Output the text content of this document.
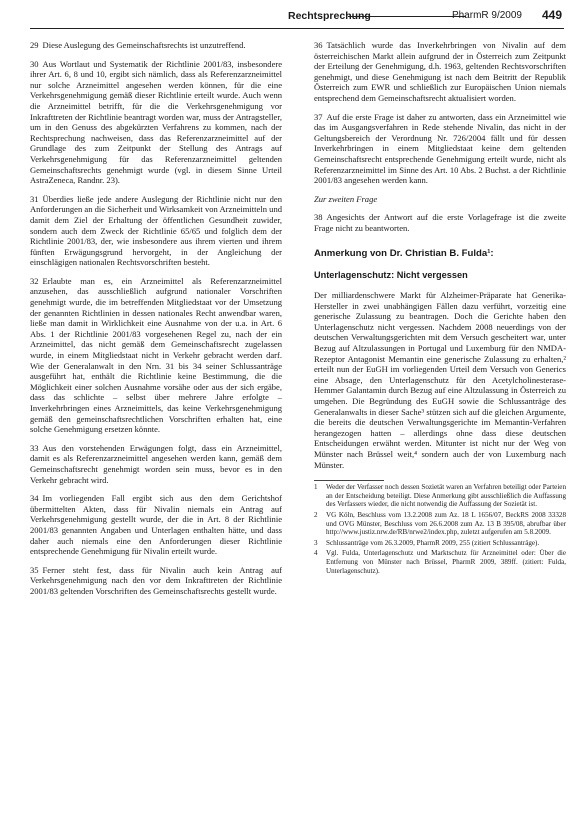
Rechtsprechung	PharmR 9/2009 449

29 Diese Auslegung des Gemeinschaftsrechts ist unzutreffend.

30 Aus Wortlaut und Systematik der Richtlinie 2001/83, insbesondere ihrer Art. 6, 8 und 10, ergibt sich nämlich, dass als Referenzarzneimittel nur solche Arzneimittel angesehen werden können, für die eine Verkehrsgenehmigung gemäß dieser Richtlinie erteilt wurde. Auch wenn die Arzneimittel betrifft, für die die Verkehrsgenehmigung vor Inkrafttreten der Richtlinie beantragt worden war, muss der Antragsteller, um in den Genuss des abgekürzten Verfahrens zu kommen, nach der Rechtsprechung nachweisen, dass das Referenzarzneimittel auf der Grundlage des zum Zeitpunkt der Stellung des Antrags auf Verkehrsgenehmigung für das Referenzarzneimittel geltenden Gemeinschaftsrechts genehmigt wurde (vgl. in diesem Sinne Urteil AstraZeneca, Randnr. 23).

31 Überdies ließe jede andere Auslegung der Richtlinie nicht nur den Anforderungen an die Sicherheit und Wirksamkeit von Arzneimitteln und damit dem Ziel der Erhaltung der öffentlichen Gesundheit zuwider, sondern auch dem Zweck der Richtlinie 65/65 und folglich dem der Richtlinie 2001/83, der, wie insbesondere aus ihrem vierten und ihrem fünften Erwägungsgrund hervorgeht, in der Angleichung der einschlägigen nationalen Rechtsvorschriften besteht.

32 Erlaubte man es, ein Arzneimittel als Referenzarzneimittel anzusehen, das ausschließlich aufgrund nationaler Vorschriften genehmigt wurde, die im betreffenden Mitgliedstaat vor der Umsetzung der genannten Richtlinien in dessen nationales Recht anwendbar waren, ließe man damit in Wirklichkeit eine Ausnahme von der u.a. in Art. 6 Abs. 1 der Richtlinie 2001/83 vorgesehenen Regel zu, nach der ein Arzneimittel, das nicht gemäß dem Gemeinschaftsrecht zugelassen wurde, in einem Mitgliedstaat nicht in Verkehr gebracht werden darf. Wie der Generalanwalt in den Nrn. 31 bis 34 seiner Schlussanträge ausgeführt hat, enthält die Richtlinie keine Bestimmung, die die Möglichkeit einer solchen Ausnahme vorsähe oder aus der sich ergäbe, dass das schlichte – selbst über mehrere Jahre erfolgte – Inverkehrbringen eines Arzneimittels, das keine Verkehrsgenehmigung gemäß den gemeinschaftsrechtlichen Vorschriften erhalten hat, eine solche Genehmigung ersetzen könnte.

33 Aus den vorstehenden Erwägungen folgt, dass ein Arzneimittel, damit es als Referenzarzneimittel angesehen werden kann, gemäß dem Gemeinschaftsrecht genehmigt worden sein muss, bevor es in den Verkehr gebracht wird.

34 Im vorliegenden Fall ergibt sich aus den dem Gerichtshof übermittelten Akten, dass für Nivalin niemals ein Antrag auf Verkehrsgenehmigung gestellt wurde, der die in Art. 8 der Richtlinie 2001/83 genannten Angaben und Unterlagen enthalten hätte, und dass daher auch niemals eine den Anforderungen dieser Richtlinie entsprechende Genehmigung für Nivalin erteilt wurde.

35 Ferner steht fest, dass für Nivalin auch kein Antrag auf Verkehrsgenehmigung nach den vor dem Inkrafttreten der Richtlinie 2001/83 geltenden Vorschriften des Gemeinschaftsrechts gestellt wurde.

36 Tatsächlich wurde das Inverkehrbringen von Nivalin auf dem österreichischen Markt allein aufgrund der in Österreich zum Zeitpunkt der Erteilung der Genehmigung, d.h. 1963, geltenden Rechtsvorschriften genehmigt, und diese Genehmigung ist nach dem Beitritt der Republik Österreich zum EWR und schließlich zur Europäischen Union niemals entsprechend dem Gemeinschaftsrecht aktualisiert worden.

37 Auf die erste Frage ist daher zu antworten, dass ein Arzneimittel wie das im Ausgangsverfahren in Rede stehende Nivalin, das nicht in der Geltungsbereich der Verordnung Nr. 726/2004 fällt und für dessen Inverkehrbringen in einem Mitgliedstaat keine dem geltenden Gemeinschaftsrecht entsprechende Genehmigung erteilt wurde, nicht als Referenzarzneimittel im Sinne des Art. 10 Abs. 2 Buchst. a der Richtlinie 2001/83 angesehen werden kann.

Zur zweiten Frage

38 Angesichts der Antwort auf die erste Vorlagefrage ist die zweite Frage nicht zu beantworten.

Anmerkung von Dr. Christian B. Fulda¹:
Unterlagenschutz: Nicht vergessen

Der milliardenschwere Markt für Alzheimer-Präparate hat Generika-Hersteller in zwei unabhängigen Fällen dazu verführt, vorzeitig eine generische Zulassung zu beantragen. Doch die Gerichte haben den Unterlagenschutz nicht vergessen. Nachdem 2008 neuerdings von der deutschen Verwaltungsgerichten mit dem Versuch gescheitert war, unter Bezug auf Altzulassungen in Portugal und Luxemburg für den NMDA-Rezeptor Antagonist Memantin eine generische Zulassung zu erhalten,² erteilt nun der EuGH im vorliegenden Urteil dem Versuch von Generics eine Absage, den Unterlagenschutz für den Acetylcholinesterase-Hemmer Galantamin durch Bezug auf eine Altzulassung in Österreich zu umgehen. Die Begründung des EuGH sowie die Schlussanträge des Generalanwalts in dieser Sache³ stützen sich auf die gleichen Argumente, die bereits die deutschen Verwaltungsgerichte im Memantin-Verfahren herangezogen hatten – allerdings ohne dass diese deutschen Entscheidungen erwähnt werden. Mitunter ist nicht nur der Weg von Münster nach Brüssel weit,⁴ sondern auch der von Luxemburg nach Münster.

1	Weder der Verfasser noch dessen Sozietät waren an Verfahren beteiligt oder Parteien an der Entscheidung beteiligt. Diese Anmerkung gibt ausschließlich die Auffassung des Verfassers wieder, die nicht notwendig die Auffassung der Sozietät ist.
2	VG Köln, Beschluss vom 13.2.2008 zum Az. 18 L 1656/07, BeckRS 2008 33328 und OVG Münster, Beschluss vom 26.6.2008 zum Az. 13 B 395/08, abrufbar über http://www.justiz.nrw.de/RB/nrwe2/index.php, zuletzt aufgerufen am 5.8.2009.
3	Schlussanträge vom 26.3.2009, PharmR 2009, 255 (zitiert Schlussanträge).
4	Vgl. Fulda, Unterlagenschutz und Marktschutz für Arzneimittel oder: Über die Entfernung von Münster nach Brüssel, PharmR 2009, 389ff. (zitiert: Fulda, Unterlagenschutz).
